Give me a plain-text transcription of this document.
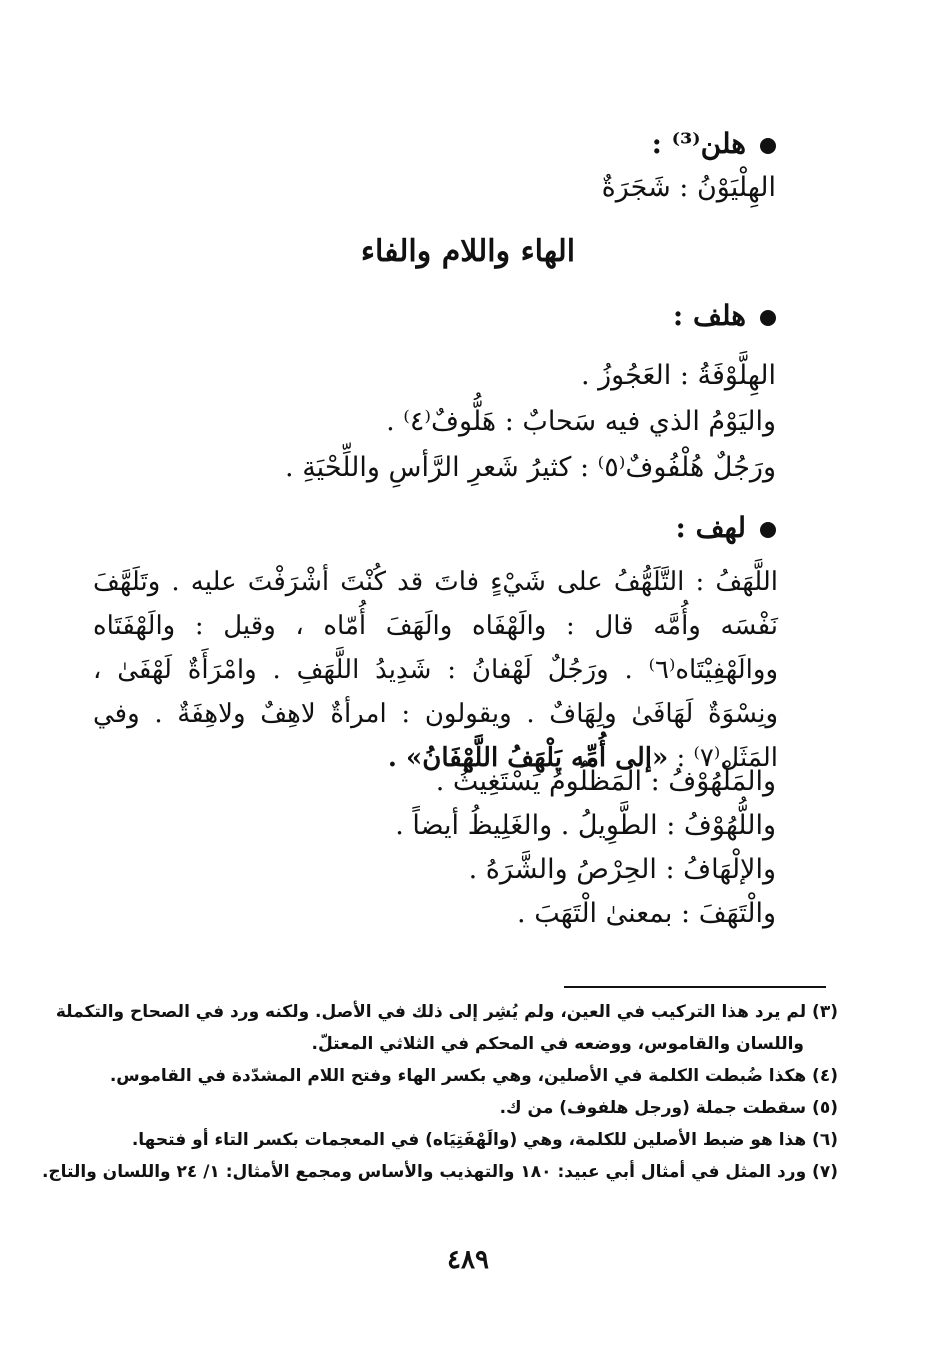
هلن⁽³⁾ :
الهِلْيَوْنُ : شَجَرَةٌ
الهاء واللام والفاء
هلف :
الهِلَّوْفَةُ : العَجُوزُ .
واليَوْمُ الذي فيه سَحابٌ : هَلُّوفٌ⁽٤⁾ .
ورَجُلٌ هُلْفُوفٌ⁽٥⁾ : كثيرُ شَعرِ الرَّأسِ واللِّحْيَةِ .
لهف :
اللَّهَفُ : التَّلَهُّفُ على شَيْءٍ فاتَ قد كُنْتَ أشْرَفْتَ عليه . وتَلَهَّفَ نَفْسَه وأُمَّه قال : والَهْفَاه والَهَفَ أُمّاه ، وقيل : والَهْفَتَاه ووالَهْفِيْتَاه⁽٦⁾ . ورَجُلٌ لَهْفانُ : شَدِيدُ اللَّهَفِ . وامْرَأَةٌ لَهْفَىٰ ، ونِسْوَةٌ لَهَافَىٰ ولِهَافٌ . ويقولون : امرأةٌ لاهِفٌ ولاهِفَةٌ . وفي المَثَل⁽٧⁾ : «إلى أُمِّه يَلْهَفُ اللَّهْفَانُ» .
والمَلْهُوْفُ : المَظْلُومُ يَسْتَغِيثُ .
واللُّهُوْفُ : الطَّوِيلُ . والغَلِيظُ أيضاً .
والإلْهَافُ : الحِرْصُ والشَّرَهُ .
والْتَهَفَ : بمعنىٰ الْتَهَبَ .
(٣) لم يرد هذا التركيب في العين، ولم يُشِر إلى ذلك في الأصل. ولكنه ورد في الصحاح والتكملة
واللسان والقاموس، ووضعه في المحكم في الثلاثي المعتلّ.
(٤) هكذا ضُبطت الكلمة في الأصلين، وهي بكسر الهاء وفتح اللام المشدّدة في القاموس.
(٥) سقطت جملة (ورجل هلفوف) من ك.
(٦) هذا هو ضبط الأصلين للكلمة، وهي (والَهْفَتِيَاه) في المعجمات بكسر التاء أو فتحها.
(٧) ورد المثل في أمثال أبي عبيد: ١٨٠ والتهذيب والأساس ومجمع الأمثال: ١/ ٢٤ واللسان والتاج.
٤٨٩
